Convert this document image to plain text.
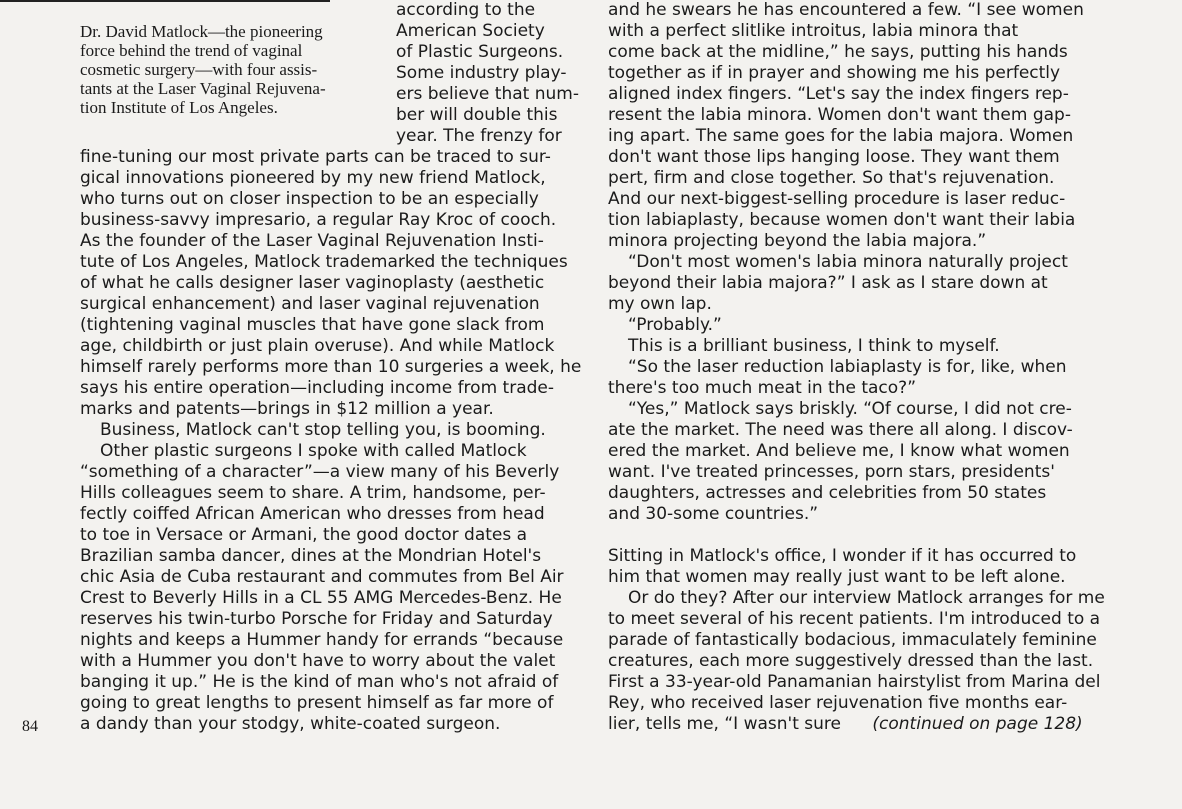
Dr. David Matlock—the pioneering
force behind the trend of vaginal
cosmetic surgery—with four assis-
tants at the Laser Vaginal Rejuvena-
tion Institute of Los Angeles.
according to the
American Society
of Plastic Surgeons.
Some industry play-
ers believe that num-
ber will double this
year. The frenzy for

fine-tuning our most private parts can be traced to sur-
gical innovations pioneered by my new friend Matlock,
who turns out on closer inspection to be an especially
business-savvy impresario, a regular Ray Kroc of cooch.
As the founder of the Laser Vaginal Rejuvenation Insti-
tute of Los Angeles, Matlock trademarked the techniques
of what he calls designer laser vaginoplasty (aesthetic
surgical enhancement) and laser vaginal rejuvenation
(tightening vaginal muscles that have gone slack from
age, childbirth or just plain overuse). And while Matlock
himself rarely performs more than 10 surgeries a week, he
says his entire operation—including income from trade-
marks and patents—brings in $12 million a year.

Business, Matlock can't stop telling you, is booming.

Other plastic surgeons I spoke with called Matlock
“something of a character”—a view many of his Beverly
Hills colleagues seem to share. A trim, handsome, per-
fectly coiffed African American who dresses from head
to toe in Versace or Armani, the good doctor dates a
Brazilian samba dancer, dines at the Mondrian Hotel's
chic Asia de Cuba restaurant and commutes from Bel Air
Crest to Beverly Hills in a CL 55 AMG Mercedes-Benz. He
reserves his twin-turbo Porsche for Friday and Saturday
nights and keeps a Hummer handy for errands “because
with a Hummer you don't have to worry about the valet
banging it up.” He is the kind of man who's not afraid of
going to great lengths to present himself as far more of
a dandy than your stodgy, white-coated surgeon.

and he swears he has encountered a few. “I see women
with a perfect slitlike introitus, labia minora that
come back at the midline,” he says, putting his hands
together as if in prayer and showing me his perfectly
aligned index fingers. “Let's say the index fingers rep-
resent the labia minora. Women don't want them gap-
ing apart. The same goes for the labia majora. Women
don't want those lips hanging loose. They want them
pert, firm and close together. So that's rejuvenation.
And our next-biggest-selling procedure is laser reduc-
tion labiaplasty, because women don't want their labia
minora projecting beyond the labia majora.”

“Don't most women's labia minora naturally project
beyond their labia majora?” I ask as I stare down at
my own lap.

“Probably.”

This is a brilliant business, I think to myself.

“So the laser reduction labiaplasty is for, like, when
there's too much meat in the taco?”

“Yes,” Matlock says briskly. “Of course, I did not cre-
ate the market. The need was there all along. I discov-
ered the market. And believe me, I know what women
want. I've treated princesses, porn stars, presidents'
daughters, actresses and celebrities from 50 states
and 30-some countries.”

Sitting in Matlock's office, I wonder if it has occurred to
him that women may really just want to be left alone.

Or do they? After our interview Matlock arranges for me
to meet several of his recent patients. I'm introduced to a
parade of fantastically bodacious, immaculately feminine
creatures, each more suggestively dressed than the last.
First a 33-year-old Panamanian hairstylist from Marina del
Rey, who received laser rejuvenation five months ear-

lier, tells me, “I wasn't sure (continued on page 128)

84
